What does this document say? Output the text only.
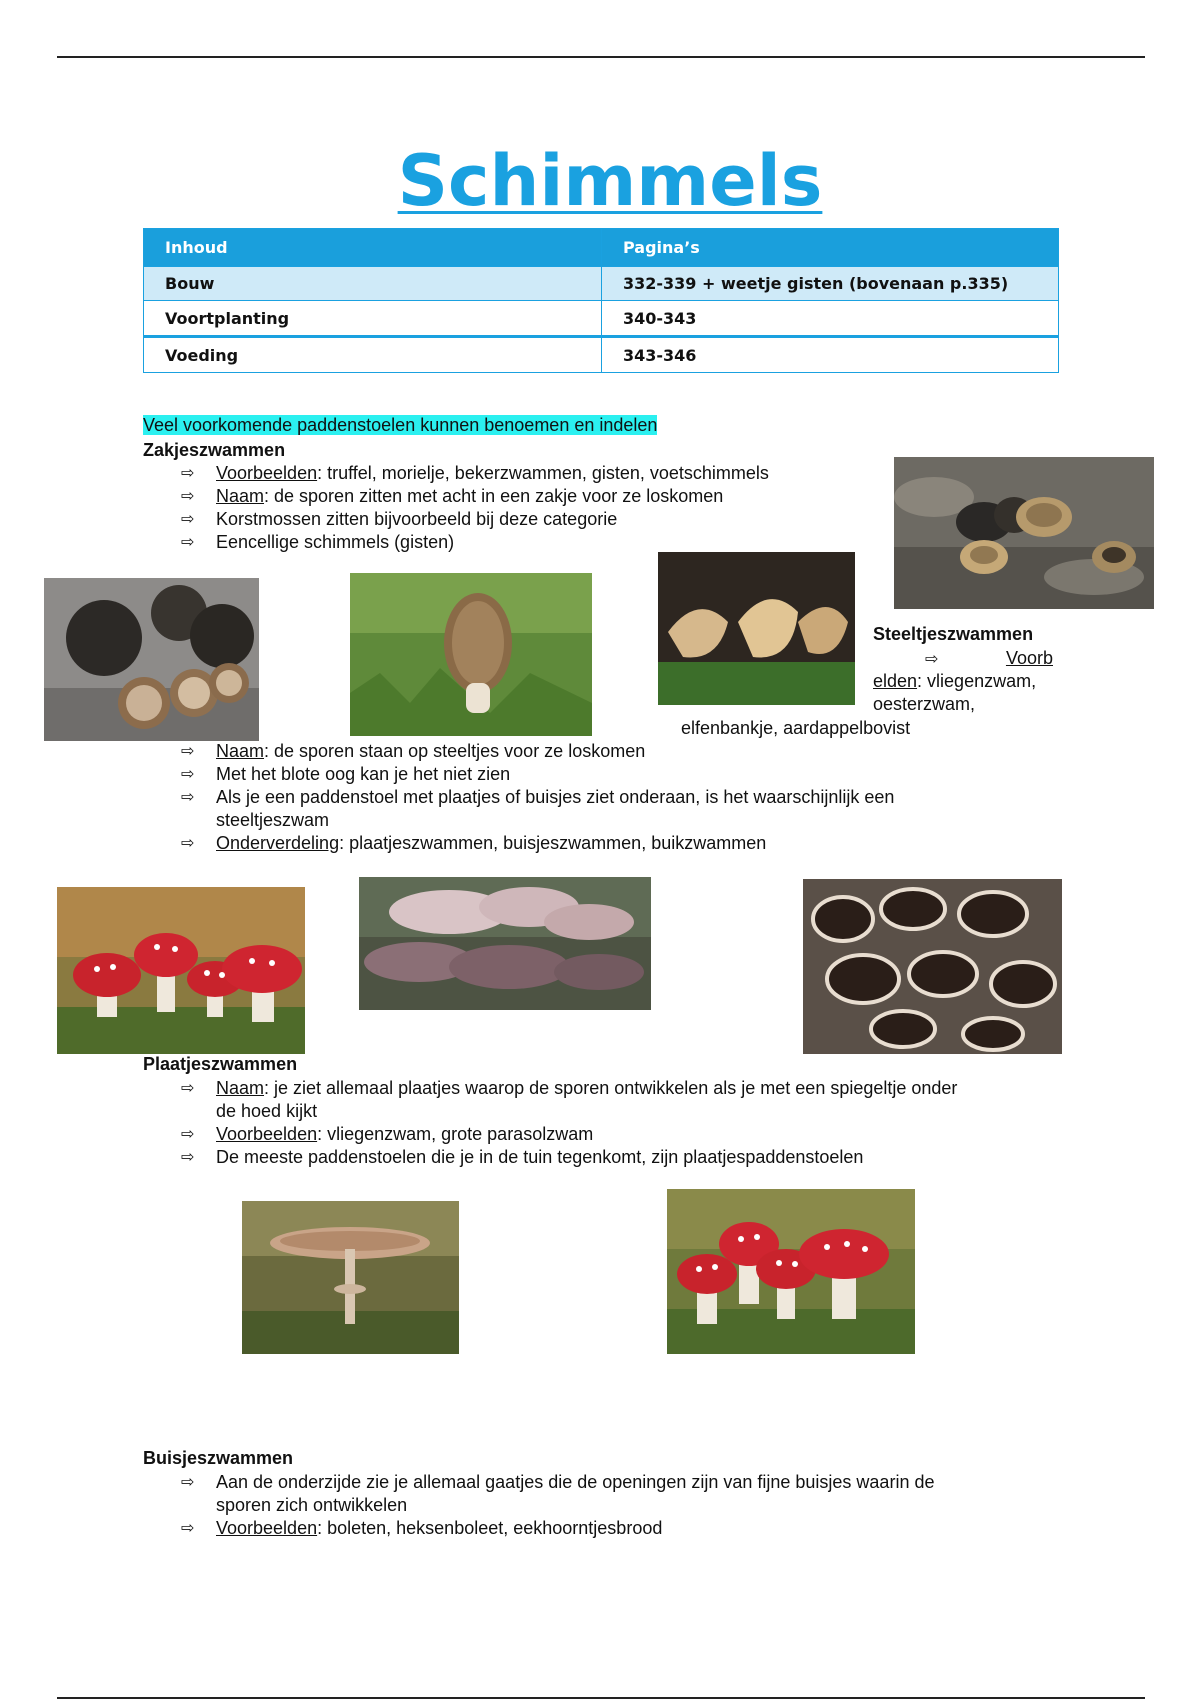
Schimmels
Inhoud	Pagina’s
Bouw	332-339 + weetje gisten (bovenaan p.335)
Voortplanting	340-343
Voeding	343-346
Veel voorkomende paddenstoelen kunnen benoemen en indelen
Zakjeszwammen
⇨ Voorbeelden: truffel, morielje, bekerzwammen, gisten, voetschimmels
⇨ Naam: de sporen zitten met acht in een zakje voor ze loskomen
⇨ Korstmossen zitten bijvoorbeeld bij deze categorie
⇨ Eencellige schimmels (gisten)
Steeltjeszwammen
⇨	Voorb
elden: vliegenzwam,
oesterzwam,
elfenbankje, aardappelbovist
⇨ Naam: de sporen staan op steeltjes voor ze loskomen
⇨ Met het blote oog kan je het niet zien
⇨ Als je een paddenstoel met plaatjes of buisjes ziet onderaan, is het waarschijnlijk een
steeltjeszwam
⇨ Onderverdeling: plaatjeszwammen, buisjeszwammen, buikzwammen
Plaatjeszwammen
⇨ Naam: je ziet allemaal plaatjes waarop de sporen ontwikkelen als je met een spiegeltje onder
de hoed kijkt
⇨ Voorbeelden: vliegenzwam, grote parasolzwam
⇨ De meeste paddenstoelen die je in de tuin tegenkomt, zijn plaatjespaddenstoelen
Buisjeszwammen
⇨ Aan de onderzijde zie je allemaal gaatjes die de openingen zijn van fijne buisjes waarin de
sporen zich ontwikkelen
⇨ Voorbeelden: boleten, heksenboleet, eekhoorntjesbrood
